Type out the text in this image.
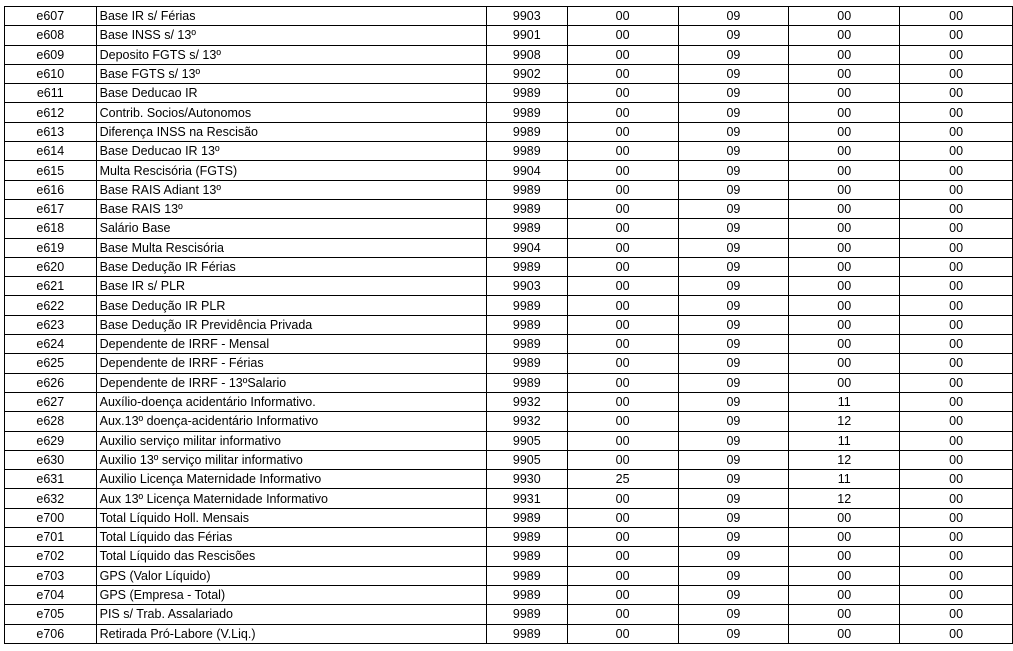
e607	Base IR s/ Férias	9903	00	09	00	00
e608	Base INSS s/ 13º	9901	00	09	00	00
e609	Deposito FGTS s/ 13º	9908	00	09	00	00
e610	Base FGTS s/ 13º	9902	00	09	00	00
e611	Base Deducao IR	9989	00	09	00	00
e612	Contrib. Socios/Autonomos	9989	00	09	00	00
e613	Diferença INSS na Rescisão	9989	00	09	00	00
e614	Base Deducao IR 13º	9989	00	09	00	00
e615	Multa Rescisória (FGTS)	9904	00	09	00	00
e616	Base RAIS Adiant 13º	9989	00	09	00	00
e617	Base RAIS 13º	9989	00	09	00	00
e618	Salário Base	9989	00	09	00	00
e619	Base Multa Rescisória	9904	00	09	00	00
e620	Base Dedução IR Férias	9989	00	09	00	00
e621	Base IR s/ PLR	9903	00	09	00	00
e622	Base Dedução IR PLR	9989	00	09	00	00
e623	Base Dedução IR Previdência Privada	9989	00	09	00	00
e624	Dependente de IRRF - Mensal	9989	00	09	00	00
e625	Dependente de IRRF - Férias	9989	00	09	00	00
e626	Dependente de IRRF - 13ºSalario	9989	00	09	00	00
e627	Auxílio-doença acidentário Informativo.	9932	00	09	11	00
e628	Aux.13º doença-acidentário Informativo	9932	00	09	12	00
e629	Auxilio serviço militar informativo	9905	00	09	11	00
e630	Auxilio 13º serviço militar informativo	9905	00	09	12	00
e631	Auxilio Licença Maternidade Informativo	9930	25	09	11	00
e632	Aux 13º Licença Maternidade Informativo	9931	00	09	12	00
e700	Total Líquido Holl. Mensais	9989	00	09	00	00
e701	Total Líquido das Férias	9989	00	09	00	00
e702	Total Líquido das Rescisões	9989	00	09	00	00
e703	GPS (Valor Líquido)	9989	00	09	00	00
e704	GPS (Empresa - Total)	9989	00	09	00	00
e705	PIS s/ Trab. Assalariado	9989	00	09	00	00
e706	Retirada Pró-Labore (V.Liq.)	9989	00	09	00	00
